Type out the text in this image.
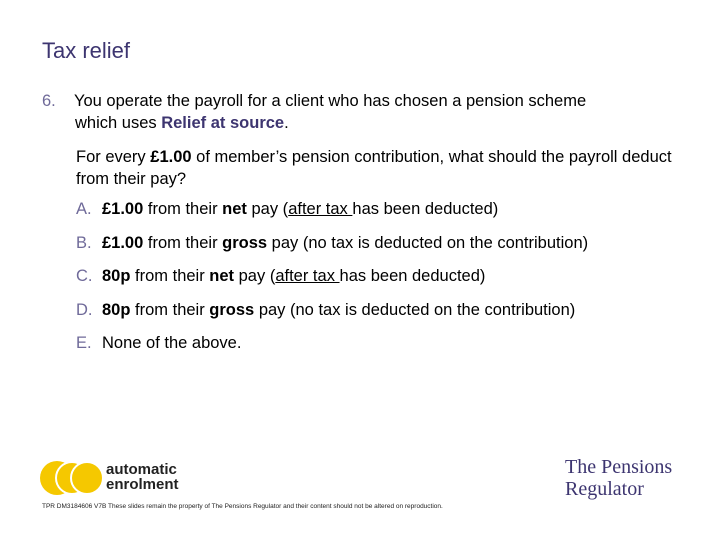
Tax relief
6. You operate the payroll for a client who has chosen a pension scheme
which uses Relief at source.
For every £1.00 of member’s pension contribution, what should the payroll deduct from their pay?
A. £1.00 from their net pay (after tax has been deducted)
B. £1.00 from their gross pay (no tax is deducted on the contribution)
C. 80p from their net pay (after tax has been deducted)
D. 80p from their gross pay (no tax is deducted on the contribution)
E. None of the above.
automatic
enrolment
The Pensions
Regulator
TPR DM3184606 V7B These slides remain the property of The Pensions Regulator and their content should not be altered on reproduction.
